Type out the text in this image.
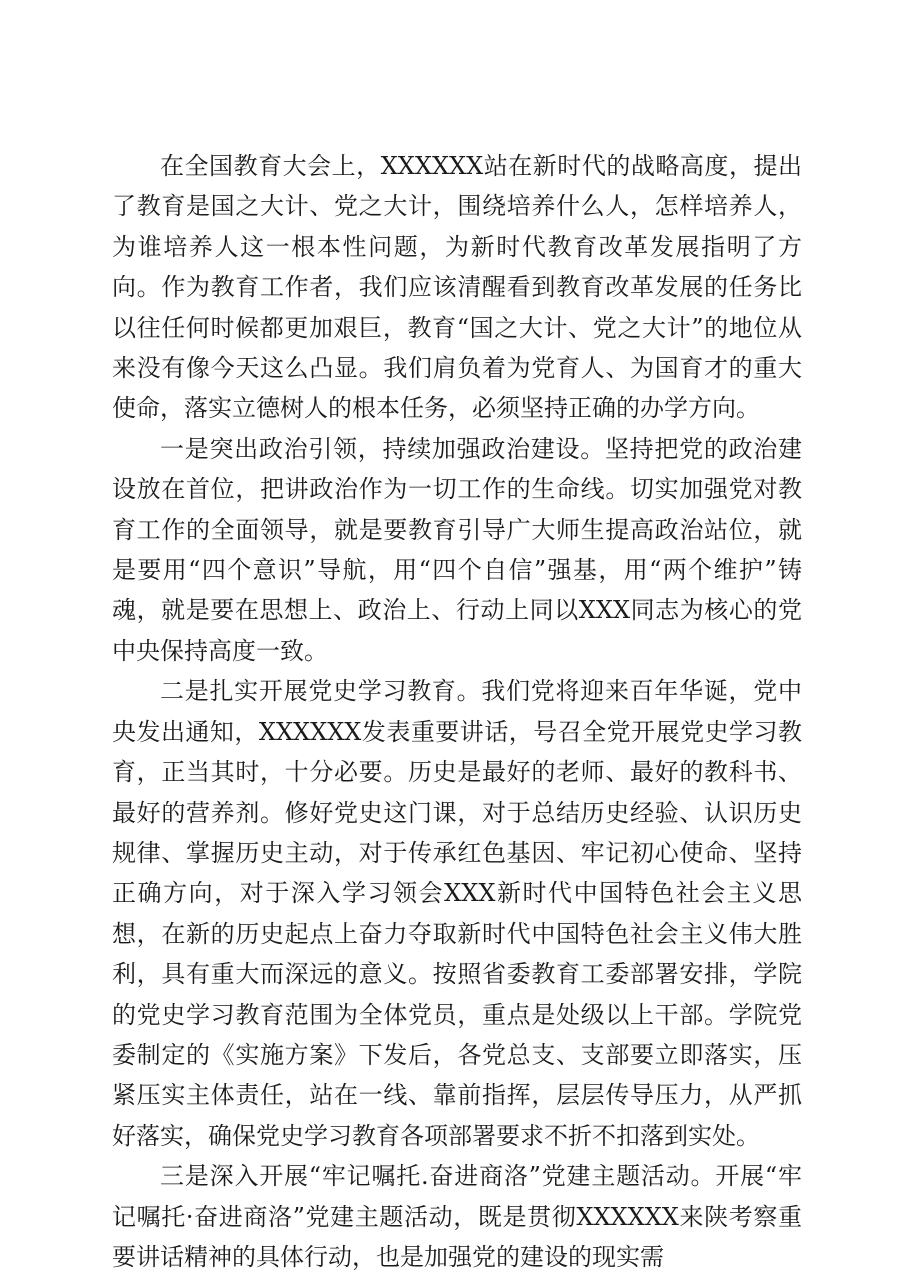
在全国教育大会上，XXXXXX站在新时代的战略高度，提出了教育是国之大计、党之大计，围绕培养什么人，怎样培养人，为谁培养人这一根本性问题，为新时代教育改革发展指明了方向。作为教育工作者，我们应该清醒看到教育改革发展的任务比以往任何时候都更加艰巨，教育“国之大计、党之大计”的地位从来没有像今天这么凸显。我们肩负着为党育人、为国育才的重大使命，落实立德树人的根本任务，必须坚持正确的办学方向。

一是突出政治引领，持续加强政治建设。坚持把党的政治建设放在首位，把讲政治作为一切工作的生命线。切实加强党对教育工作的全面领导，就是要教育引导广大师生提高政治站位，就是要用“四个意识”导航，用“四个自信”强基，用“两个维护”铸魂，就是要在思想上、政治上、行动上同以XXX同志为核心的党中央保持高度一致。

二是扎实开展党史学习教育。我们党将迎来百年华诞，党中央发出通知，XXXXXX发表重要讲话，号召全党开展党史学习教育，正当其时，十分必要。历史是最好的老师、最好的教科书、最好的营养剂。修好党史这门课，对于总结历史经验、认识历史规律、掌握历史主动，对于传承红色基因、牢记初心使命、坚持正确方向，对于深入学习领会XXX新时代中国特色社会主义思想，在新的历史起点上奋力夺取新时代中国特色社会主义伟大胜利，具有重大而深远的意义。按照省委教育工委部署安排，学院的党史学习教育范围为全体党员，重点是处级以上干部。学院党委制定的《实施方案》下发后，各党总支、支部要立即落实，压紧压实主体责任，站在一线、靠前指挥，层层传导压力，从严抓好落实，确保党史学习教育各项部署要求不折不扣落到实处。

三是深入开展“牢记嘱托.奋进商洛”党建主题活动。开展“牢记嘱托·奋进商洛”党建主题活动，既是贯彻XXXXXX来陕考察重要讲话精神的具体行动，也是加强党的建设的现实需
